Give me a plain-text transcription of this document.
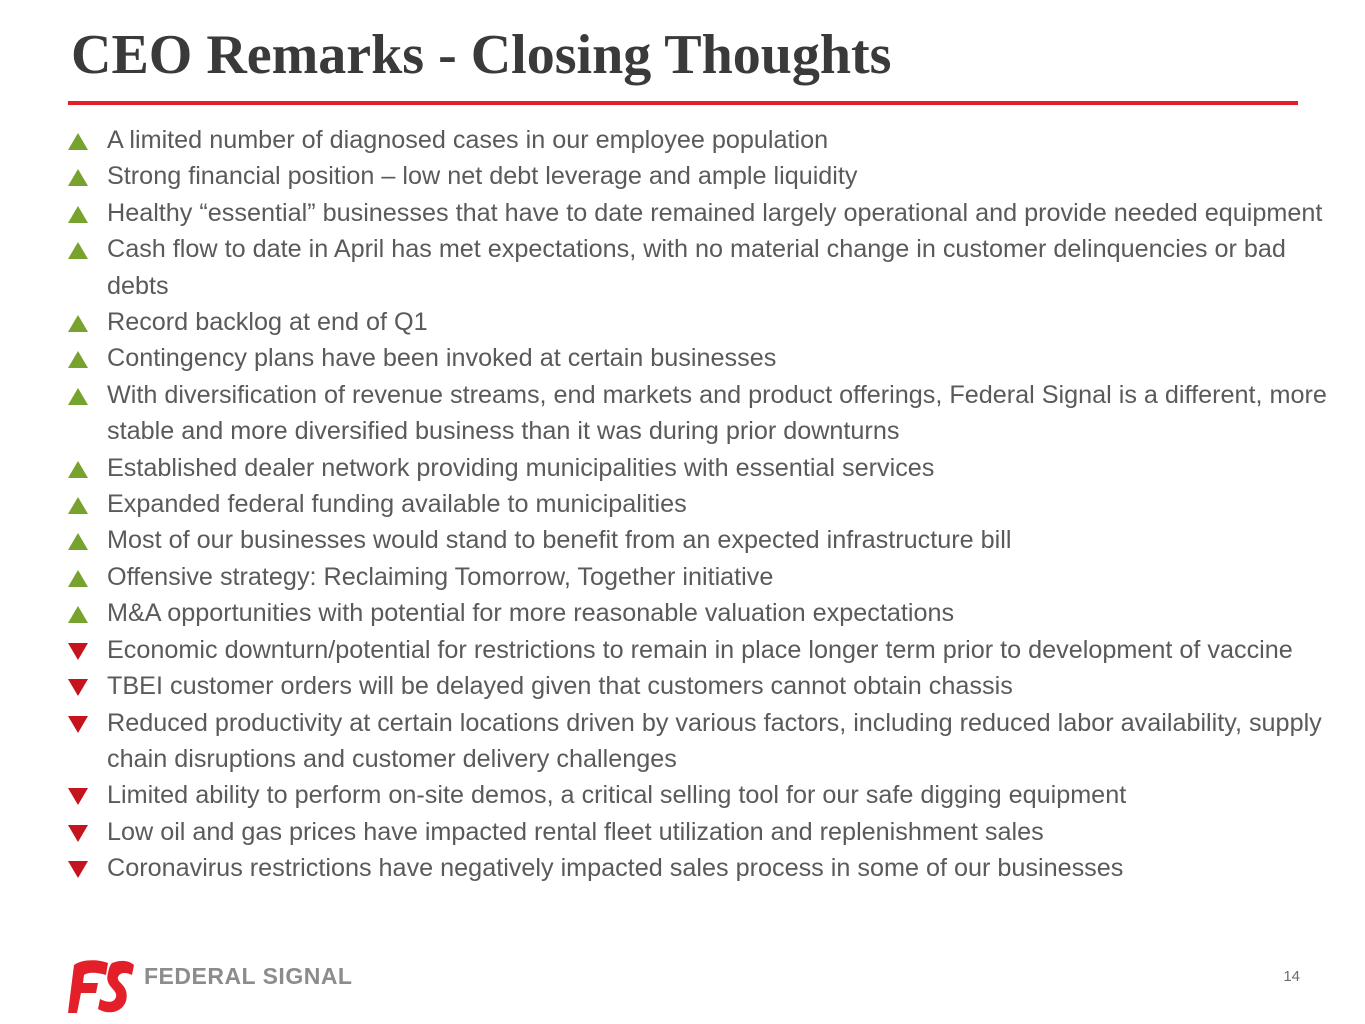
CEO Remarks - Closing Thoughts
A limited number of diagnosed cases in our employee population
Strong financial position – low net debt leverage and ample liquidity
Healthy “essential” businesses that have to date remained largely operational and provide needed equipment
Cash flow to date in April has met expectations, with no material change in customer delinquencies or bad debts
Record backlog at end of Q1
Contingency plans have been invoked at certain businesses
With diversification of revenue streams, end markets and product offerings, Federal Signal is a different, more stable and more diversified business than it was during prior downturns
Established dealer network providing municipalities with essential services
Expanded federal funding available to municipalities
Most of our businesses would stand to benefit from an expected infrastructure bill
Offensive strategy: Reclaiming Tomorrow, Together initiative
M&A opportunities with potential for more reasonable valuation expectations
Economic downturn/potential for restrictions to remain in place longer term prior to development of vaccine
TBEI customer orders will be delayed given that customers cannot obtain chassis
Reduced productivity at certain locations driven by various factors, including reduced labor availability, supply chain disruptions and customer delivery challenges
Limited ability to perform on-site demos, a critical selling tool for our safe digging equipment
Low oil and gas prices have impacted rental fleet utilization and replenishment sales
Coronavirus restrictions have negatively impacted sales process in some of our businesses
FEDERAL SIGNAL	14
